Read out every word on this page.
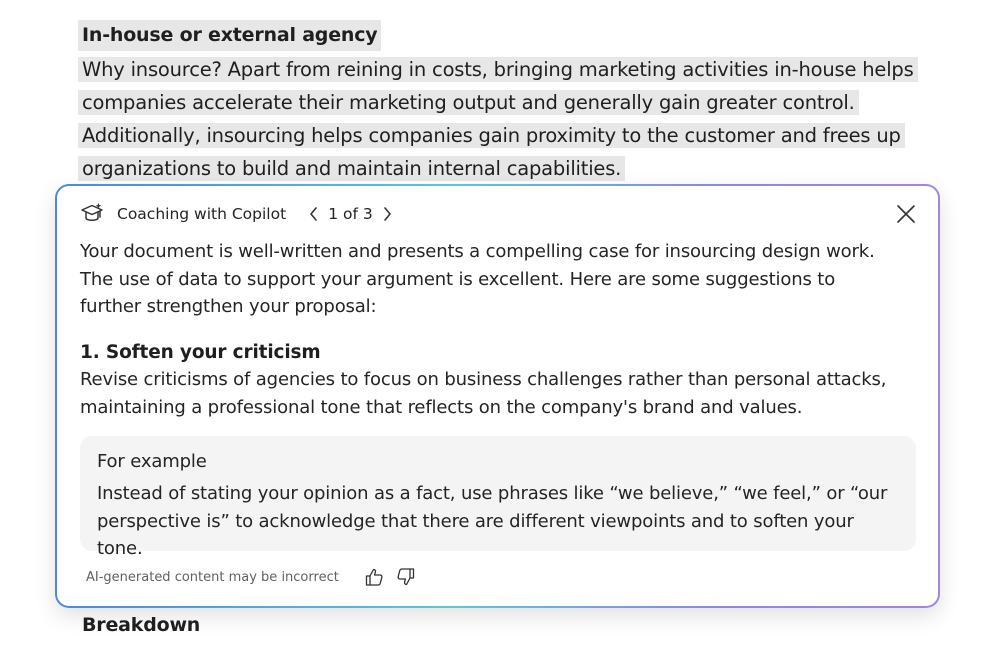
In-house or external agency
Why insource? Apart from reining in costs, bringing marketing activities in-house helps companies accelerate their marketing output and generally gain greater control. Additionally, insourcing helps companies gain proximity to the customer and frees up organizations to build and maintain internal capabilities.
Coaching with Copilot	1 of 3
Your document is well-written and presents a compelling case for insourcing design work. The use of data to support your argument is excellent. Here are some suggestions to further strengthen your proposal:
1. Soften your criticism
Revise criticisms of agencies to focus on business challenges rather than personal attacks, maintaining a professional tone that reflects on the company's brand and values.
For example
Instead of stating your opinion as a fact, use phrases like “we believe,” “we feel,” or “our perspective is” to acknowledge that there are different viewpoints and to soften your tone.
AI-generated content may be incorrect
Breakdown
